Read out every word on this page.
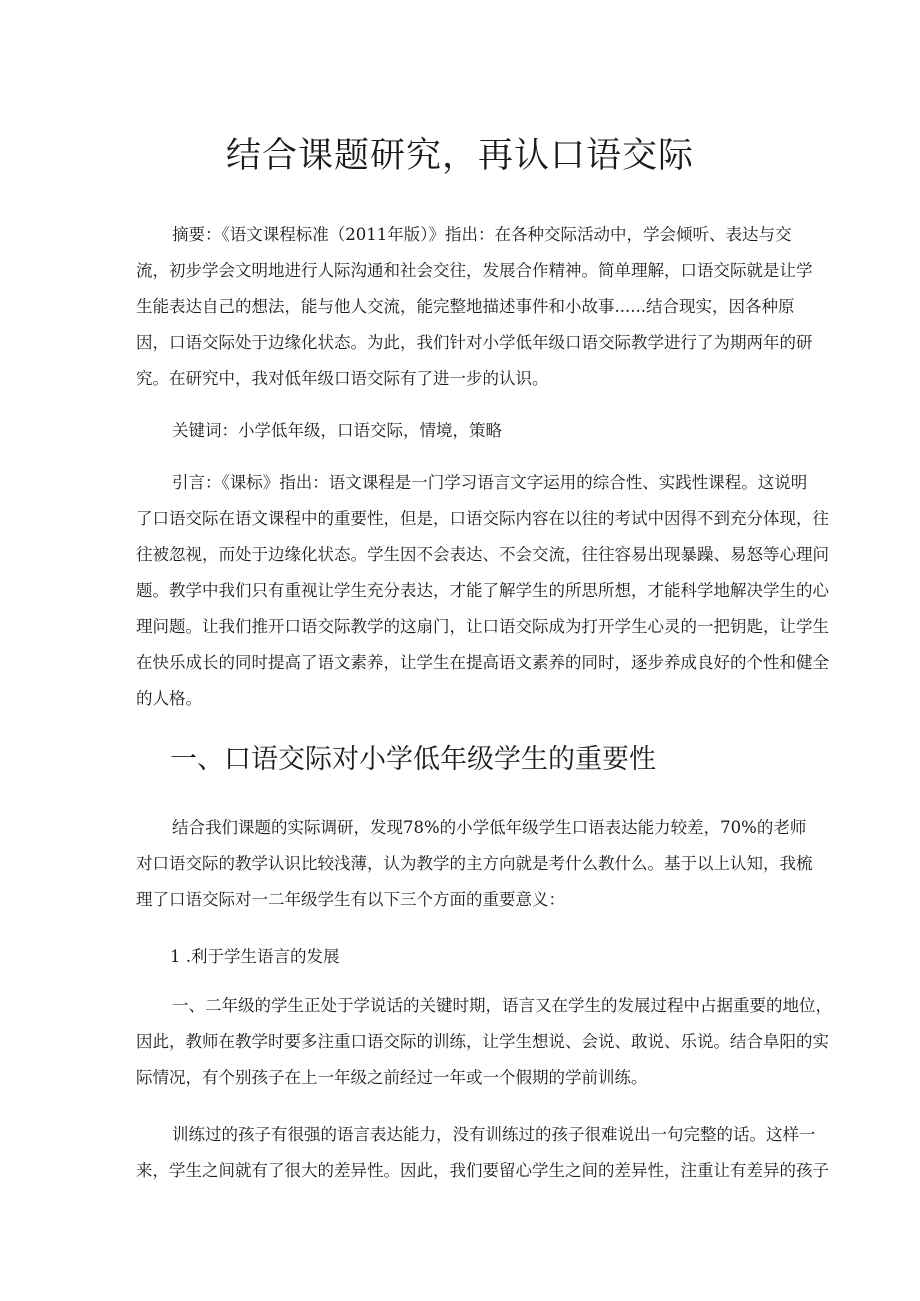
结合课题研究，再认口语交际
摘要：《语文课程标准（2011年版）》指出：在各种交际活动中，学会倾听、表达与交
流，初步学会文明地进行人际沟通和社会交往，发展合作精神。简单理解，口语交际就是让学
生能表达自己的想法，能与他人交流，能完整地描述事件和小故事......结合现实，因各种原
因，口语交际处于边缘化状态。为此，我们针对小学低年级口语交际教学进行了为期两年的研
究。在研究中，我对低年级口语交际有了进一步的认识。
关键词：小学低年级，口语交际，情境，策略
引言：《课标》指出：语文课程是一门学习语言文字运用的综合性、实践性课程。这说明
了口语交际在语文课程中的重要性，但是，口语交际内容在以往的考试中因得不到充分体现，往
往被忽视，而处于边缘化状态。学生因不会表达、不会交流，往往容易出现暴躁、易怒等心理问
题。教学中我们只有重视让学生充分表达，才能了解学生的所思所想，才能科学地解决学生的心
理问题。让我们推开口语交际教学的这扇门，让口语交际成为打开学生心灵的一把钥匙，让学生
在快乐成长的同时提高了语文素养，让学生在提高语文素养的同时，逐步养成良好的个性和健全
的人格。
一、口语交际对小学低年级学生的重要性
结合我们课题的实际调研，发现78%的小学低年级学生口语表达能力较差，70%的老师
对口语交际的教学认识比较浅薄，认为教学的主方向就是考什么教什么。基于以上认知，我梳
理了口语交际对一二年级学生有以下三个方面的重要意义：
1 .利于学生语言的发展
一、二年级的学生正处于学说话的关键时期，语言又在学生的发展过程中占据重要的地位，
因此，教师在教学时要多注重口语交际的训练，让学生想说、会说、敢说、乐说。结合阜阳的实
际情况，有个别孩子在上一年级之前经过一年或一个假期的学前训练。
训练过的孩子有很强的语言表达能力，没有训练过的孩子很难说出一句完整的话。这样一
来，学生之间就有了很大的差异性。因此，我们要留心学生之间的差异性，注重让有差异的孩子
